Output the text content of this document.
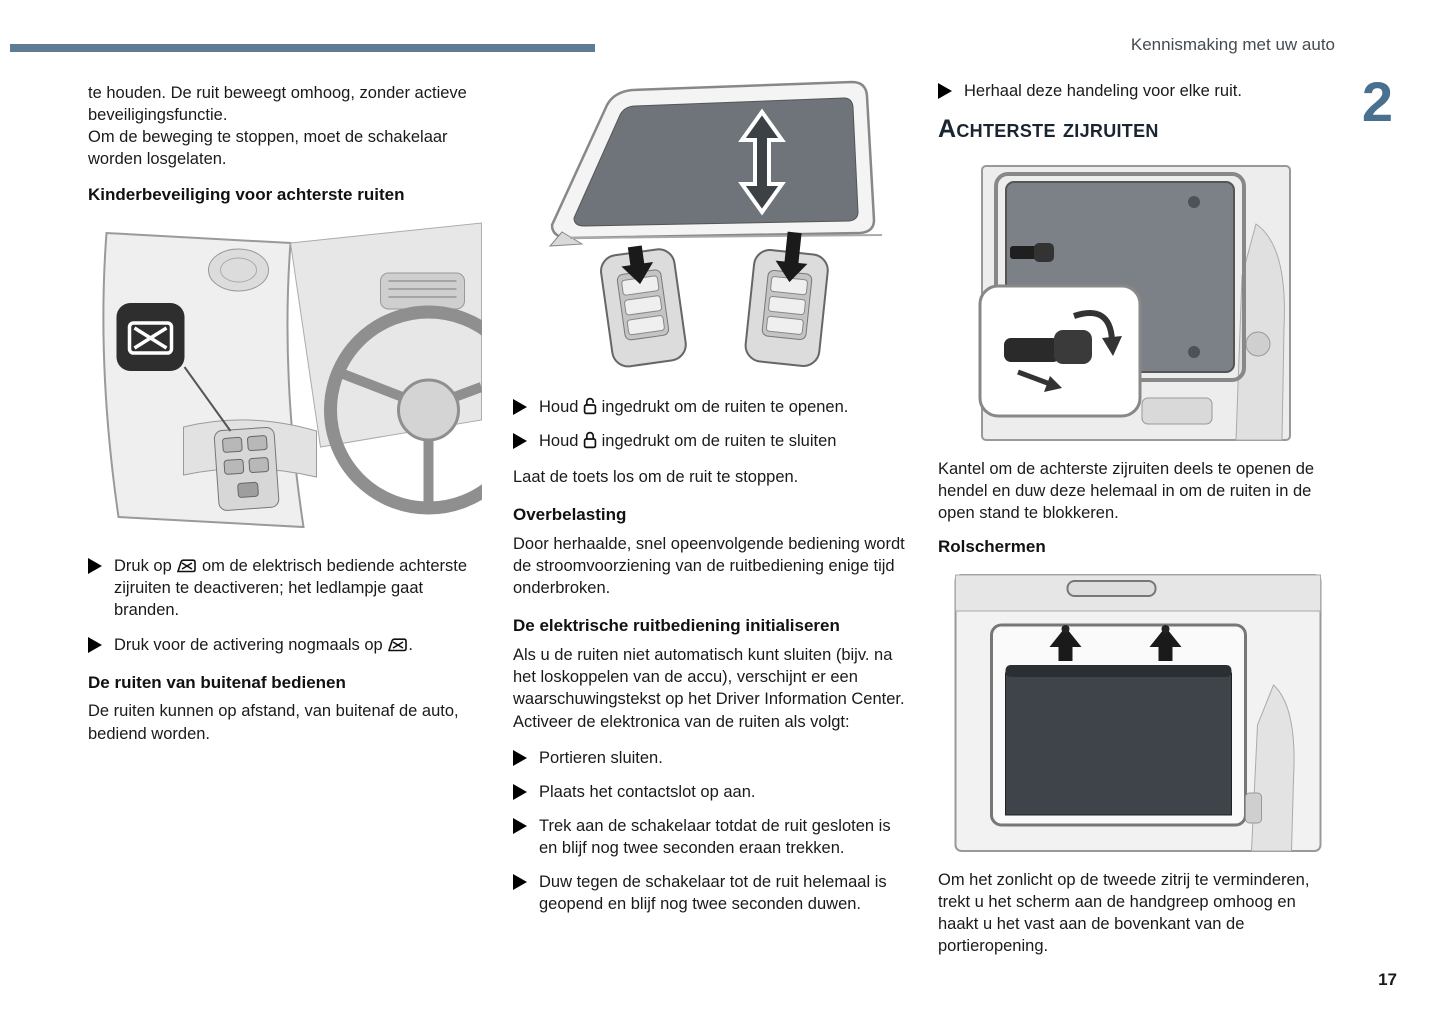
Kennismaking met uw auto
2
17

te houden. De ruit beweegt omhoog, zonder actieve beveiligingsfunctie.

Om de beweging te stoppen, moet de schakelaar worden losgelaten.

Kinderbeveiliging voor achterste ruiten

Druk op  om de elektrisch bediende achterste zijruiten te deactiveren; het ledlampje gaat branden.

Druk voor de activering nogmaals op .

De ruiten van buitenaf bedienen

De ruiten kunnen op afstand, van buitenaf de auto, bediend worden.

Houd  ingedrukt om de ruiten te openen.

Houd  ingedrukt om de ruiten te sluiten

Laat de toets los om de ruit te stoppen.

Overbelasting

Door herhaalde, snel opeenvolgende bediening wordt de stroomvoorziening van de ruitbediening enige tijd onderbroken.

De elektrische ruitbediening initialiseren

Als u de ruiten niet automatisch kunt sluiten (bijv. na het loskoppelen van de accu), verschijnt er een waarschuwingstekst op het Driver Information Center.

Activeer de elektronica van de ruiten als volgt:

Portieren sluiten.

Plaats het contactslot op aan.

Trek aan de schakelaar totdat de ruit gesloten is en blijf nog twee seconden eraan trekken.

Duw tegen de schakelaar tot de ruit helemaal is geopend en blijf nog twee seconden duwen.

Herhaal deze handeling voor elke ruit.

Achterste zijruiten

Kantel om de achterste zijruiten deels te openen de hendel en duw deze helemaal in om de ruiten in de open stand te blokkeren.

Rolschermen

Om het zonlicht op de tweede zitrij te verminderen, trekt u het scherm aan de handgreep omhoog en haakt u het vast aan de bovenkant van de portieropening.
